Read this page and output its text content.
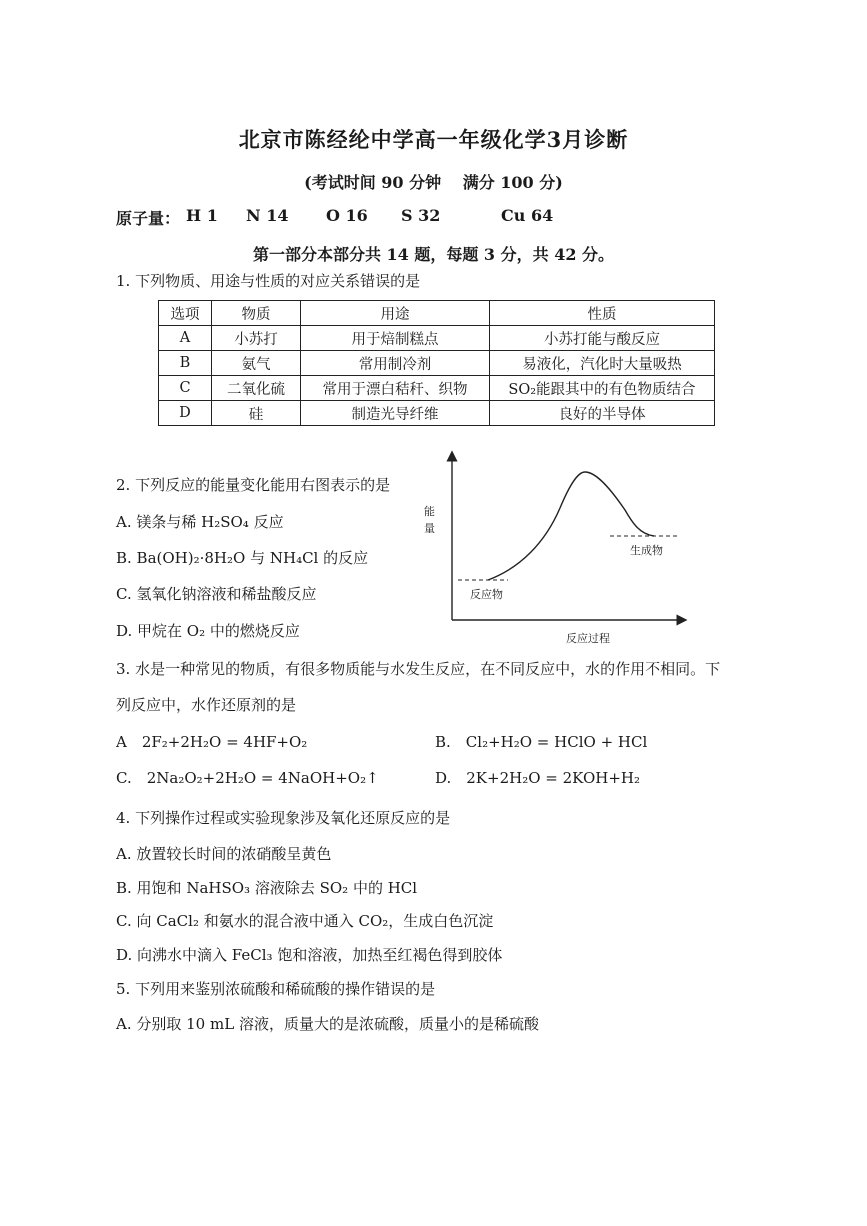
北京市陈经纶中学高一年级化学3月诊断
(考试时间 90 分钟 满分 100 分)
原子量： H 1	N 14	O 16	S 32	Cu 64
第一部分本部分共 14 题，每题 3 分，共 42 分。
1. 下列物质、用途与性质的对应关系错误的是
选项	物质	用途	性质
A	小苏打	用于焙制糕点	小苏打能与酸反应
B	氨气	常用制冷剂	易液化，汽化时大量吸热
C	二氧化硫	常用于漂白秸秆、织物	SO₂能跟其中的有色物质结合
D	硅	制造光导纤维	良好的半导体
2. 下列反应的能量变化能用右图表示的是
A. 镁条与稀 H₂SO₄ 反应
B. Ba(OH)₂·8H₂O 与 NH₄Cl 的反应
C. 氢氧化钠溶液和稀盐酸反应
D. 甲烷在 O₂ 中的燃烧反应
能
量
反应物
生成物
反应过程
3. 水是一种常见的物质，有很多物质能与水发生反应，在不同反应中，水的作用不相同。下
列反应中，水作还原剂的是
A　2F₂+2H₂O = 4HF+O₂	B.　Cl₂+H₂O = HClO + HCl
C.　2Na₂O₂+2H₂O = 4NaOH+O₂↑	D.　2K+2H₂O = 2KOH+H₂
4. 下列操作过程或实验现象涉及氧化还原反应的是
A. 放置较长时间的浓硝酸呈黄色
B. 用饱和 NaHSO₃ 溶液除去 SO₂ 中的 HCl
C. 向 CaCl₂ 和氨水的混合液中通入 CO₂，生成白色沉淀
D. 向沸水中滴入 FeCl₃ 饱和溶液，加热至红褐色得到胶体
5. 下列用来鉴别浓硫酸和稀硫酸的操作错误的是
A. 分别取 10 mL 溶液，质量大的是浓硫酸，质量小的是稀硫酸
